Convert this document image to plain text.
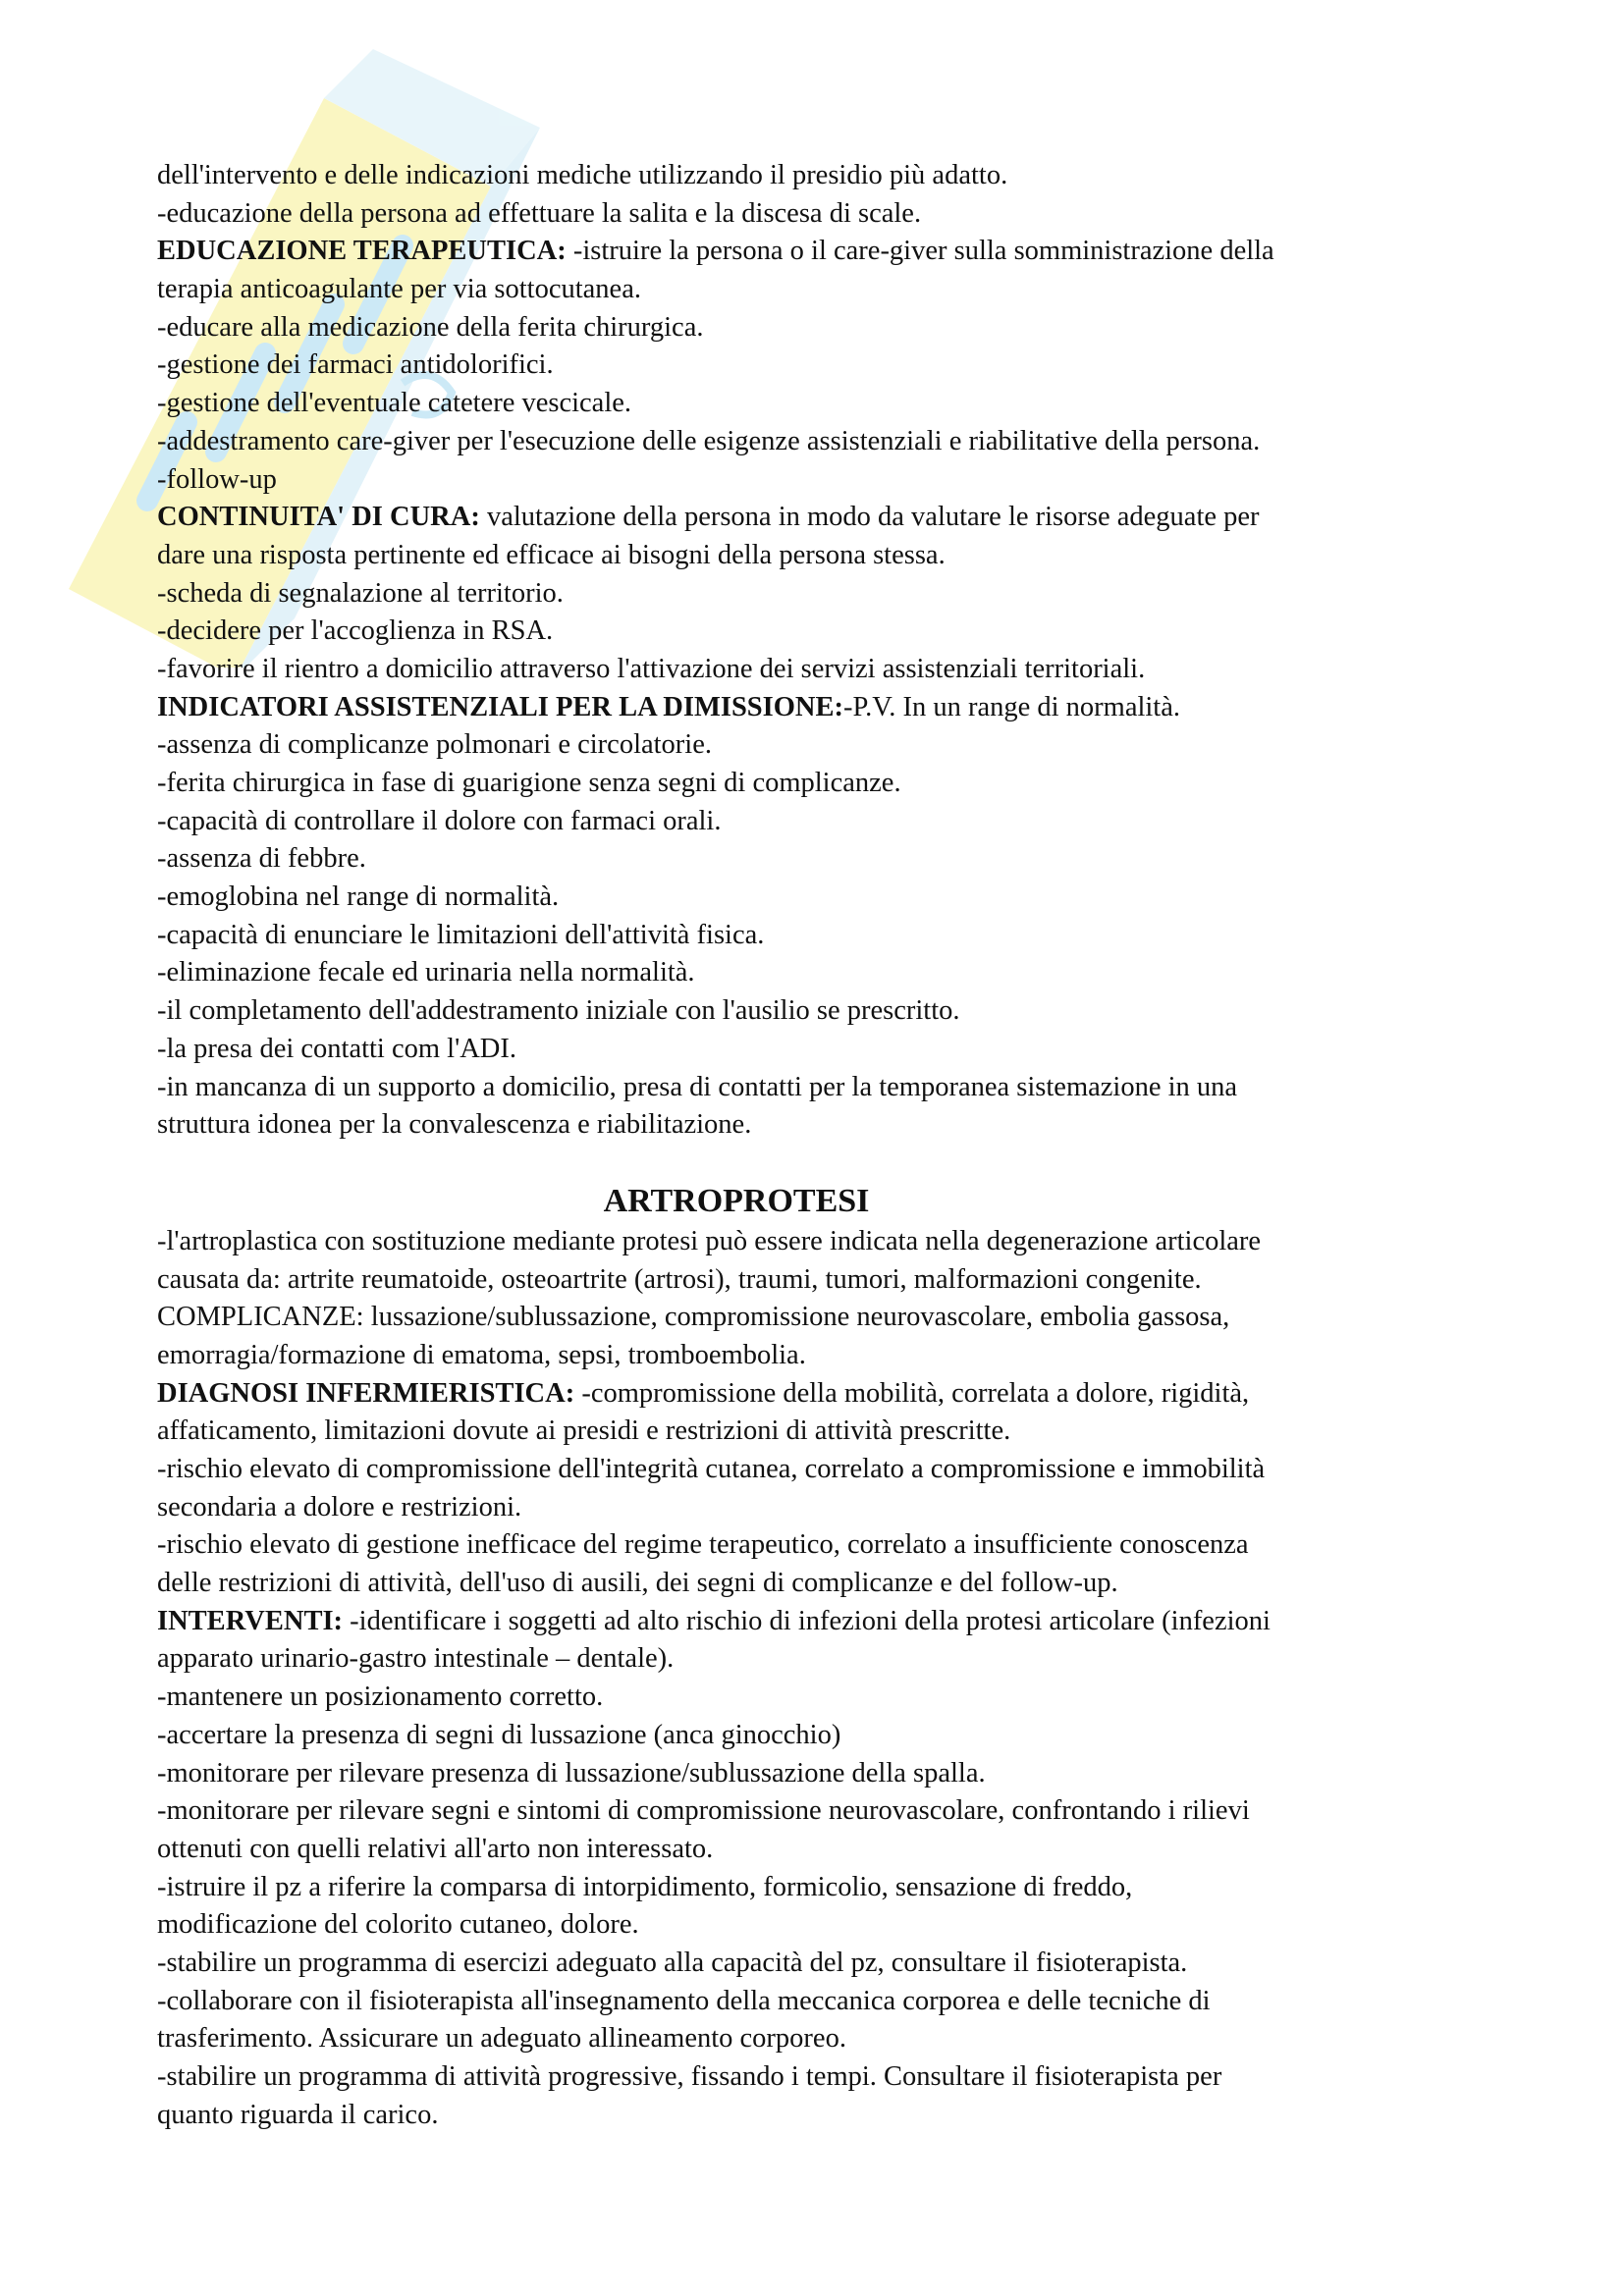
dell'intervento e delle indicazioni mediche utilizzando il presidio più adatto.
-educazione della persona ad effettuare la salita e la discesa di scale.
EDUCAZIONE TERAPEUTICA: -istruire la persona o il care-giver sulla somministrazione della
terapia anticoagulante per via sottocutanea.
-educare alla medicazione della ferita chirurgica.
-gestione dei farmaci antidolorifici.
-gestione dell'eventuale catetere vescicale.
-addestramento care-giver per l'esecuzione delle esigenze assistenziali e riabilitative della persona.
-follow-up
CONTINUITA' DI CURA: valutazione della persona in modo da valutare le risorse adeguate per
dare una risposta pertinente ed efficace ai bisogni della persona stessa.
-scheda di segnalazione al territorio.
-decidere per l'accoglienza in RSA.
-favorire il rientro a domicilio attraverso l'attivazione dei servizi assistenziali territoriali.
INDICATORI ASSISTENZIALI PER LA DIMISSIONE:-P.V. In un range di normalità.
-assenza di complicanze polmonari e circolatorie.
-ferita chirurgica in fase di guarigione senza segni di complicanze.
-capacità di controllare il dolore con farmaci orali.
-assenza di febbre.
-emoglobina nel range di normalità.
-capacità di enunciare le limitazioni dell'attività fisica.
-eliminazione fecale ed urinaria nella normalità.
-il completamento dell'addestramento iniziale con l'ausilio se prescritto.
-la presa dei contatti com l'ADI.
-in mancanza di un supporto a domicilio, presa di contatti per la temporanea sistemazione in una
struttura idonea per la convalescenza e riabilitazione.
ARTROPROTESI
-l'artroplastica con sostituzione mediante protesi può essere indicata nella degenerazione articolare
causata da: artrite reumatoide, osteoartrite (artrosi), traumi, tumori, malformazioni congenite.
COMPLICANZE: lussazione/sublussazione, compromissione neurovascolare, embolia gassosa,
emorragia/formazione di ematoma, sepsi, tromboembolia.
DIAGNOSI INFERMIERISTICA: -compromissione della mobilità, correlata a dolore, rigidità,
affaticamento, limitazioni dovute ai presidi e restrizioni di attività prescritte.
-rischio elevato di compromissione dell'integrità cutanea, correlato a compromissione e immobilità
secondaria a dolore e restrizioni.
-rischio elevato di gestione inefficace del regime terapeutico, correlato a insufficiente conoscenza
delle restrizioni di attività, dell'uso di ausili, dei segni di complicanze e del follow-up.
INTERVENTI: -identificare i soggetti ad alto rischio di infezioni della protesi articolare (infezioni
apparato urinario-gastro intestinale – dentale).
-mantenere un posizionamento corretto.
-accertare la presenza di segni di lussazione (anca ginocchio)
-monitorare per rilevare presenza di lussazione/sublussazione della spalla.
-monitorare per rilevare segni e sintomi di compromissione neurovascolare, confrontando i rilievi
ottenuti con quelli relativi all'arto non interessato.
-istruire il pz a riferire la comparsa di intorpidimento, formicolio, sensazione di freddo,
modificazione del colorito cutaneo, dolore.
-stabilire un programma di esercizi adeguato alla capacità del pz, consultare il fisioterapista.
-collaborare con il fisioterapista all'insegnamento della meccanica corporea e delle tecniche di
trasferimento. Assicurare un adeguato allineamento corporeo.
-stabilire un programma di attività progressive, fissando i tempi. Consultare il fisioterapista per
quanto riguarda il carico.
